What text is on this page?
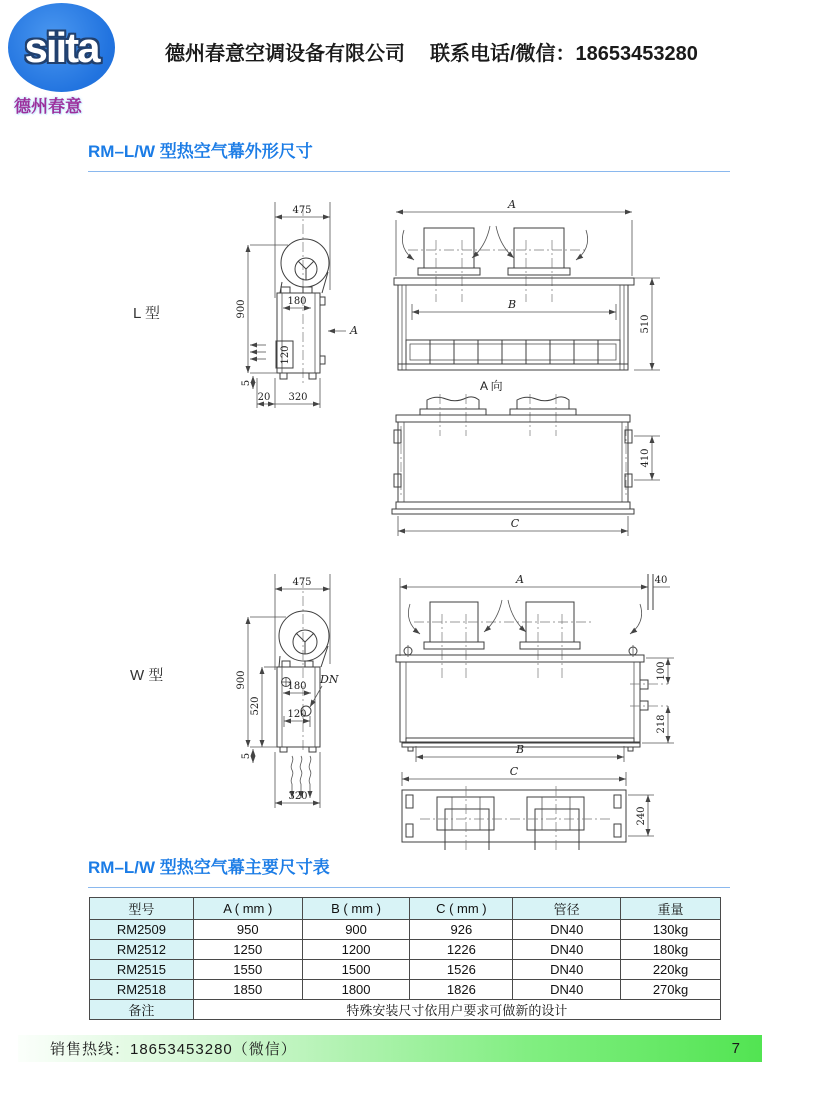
siita
德州春意
德州春意空调设备有限公司 联系电话/微信：18653453280
RM–L/W 型热空气幕外形尺寸
RM–L/W 型热空气幕主要尺寸表
L 型
475
900	180
A
120
5
20 320
A
B
510
A 向
410
C
W 型
475
900
520
180
DN
120
5
320
A	40
100
218
B
C
240
型号	A ( mm )	B ( mm )	C ( mm )	管径	重量
RM2509	950	900	926	DN40	130kg
RM2512	1250	1200	1226	DN40	180kg
RM2515	1550	1500	1526	DN40	220kg
RM2518	1850	1800	1826	DN40	270kg
备注	特殊安装尺寸依用户要求可做新的设计				
销售热线：18653453280（微信）	7
